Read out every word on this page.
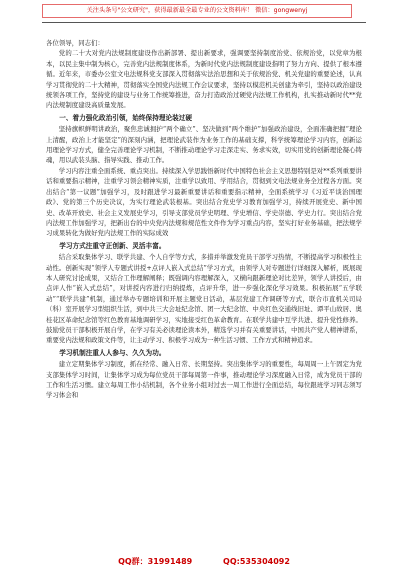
关注头条号"公文研究"，获得最新最全最专业的公文资料库！ 微信：gongwenyj

各位领导，同志们：

党的二十大对党内法规制度建设作出新部署、提出新要求，强调要坚持制度治党、依规治党，以党章为根本，以民主集中制为核心，完善党内法规制度体系，为新时代党内法规制度建设指明了努力方向、提供了根本遵循。近年来，市委办公室文电法规科党支部深入贯彻落实法治思想和关于依规治党、机关党建的重要论述，认真学习贯彻党的二十大精神，贯彻落实全国党内法规工作会议要求，坚持以模范机关创建为牵引，坚持以政治建设统领各项工作，坚持党的建设与业务工作统筹推进，奋力打造政治过硬党内法规工作机构，扎实推动新时代**党内法规制度建设高质量发展。

一、着力强化政治引领，始终保持理论装过硬

坚持旗帜鲜明讲政治，聚焦忠诚拥护“两个确立”、坚决做到“两个维护”加强政治建设，全面准确把握“理论上清醒，政治上才能坚定”的深刻内涵，把理论武装作为业务工作的基础支撑，科学统筹理论学习内容，创新运用理论学习方式，健全完善理论学习机制，不断推动理论学习走深走实、务求实效，切实用党的创新理论凝心铸魂，用以武装头脑、指导实践、推动工作。

学习内容注重全面系统、重点突出。持续深入学思践悟新时代中国特色社会主义思想特别是对**系列重要讲话和重要指示精神，注重学习领会精神实质，注重学以致用、学用结合，贯彻到文电法规业务全过程各方面。突出结合“第一议题”加强学习，及时跟进学习最新重要讲话和重要指示精神，全面系统学习《习近平谈治国理政》、党的第三个历史决议，为实行理论武装根基。突出结合党史学习教育加强学习，持续开展党史、新中国史、改革开放史、社会主义发展史学习，引导支部党员学史明理、学史增信、学史崇德、学史力行。突出结合党内法规工作加强学习，把新出台的中央党内法规和规范性文件作为学习重点内容，坚实打好业务基础，把法规学习成果转化为做好党内法规工作的实际成效

学习方式注重守正创新、灵活丰富。

结合采取集体学习、联学共建、个人自学等方式，多措并举激发党员干部学习热情，不断提高学习积极性主动性。创新实现“领学人专题式讲授+点评人嵌入式总结”学习方式，由领学人对专题进行详细深入解析，既展现本人研究讨论成果，又结合工作理解阐释；既强调内容理解深入，又横向跟新理论对比差异，领学人讲授后，由点评人作“嵌入式总结”，对讲授内容进行归纳提炼，点评升华，进一步强化深化学习效果。积极拓展“五学联动”“联学共建”机制，通过举办专题培训和开展主题党日活动，基层党建工作调研等方式，联合市直机关司局（科）室开展学习型组织生活，到中共三大会址纪念馆、团一大纪念馆、中央红色交通线旧址、谭平山故居、奥桂花区革命纪念馆等红色教育基地调研学习，实地接受红色革命教育。在联学共建中互学共进、提升党性修养。鼓励党员干部积极开展自学，在学习有关必读理论读本外，精选学习并有关重要讲话，中国共产党人精神谱系，重要党内法规和政策文件等，让主动学习、积极学习成为一种生活习惯、工作方式和精神追求。

学习机制注重人人参与、久久为功。

建立定期集体学习制度，抓在经常、融入日常、长期坚持。突出集体学习的重要性，每周周一上午固定为党支部集体学习时间，让集体学习成为每位党员干部每周第一件事，推动理论学习深度融入日常，成为党员干部的工作和生活习惯。建立每周工作小结机制，各个业务小组对过去一周工作进行全面总结，每位跟班学习同志须写学习体会和

QQ群：31991489	QQ:535304092
